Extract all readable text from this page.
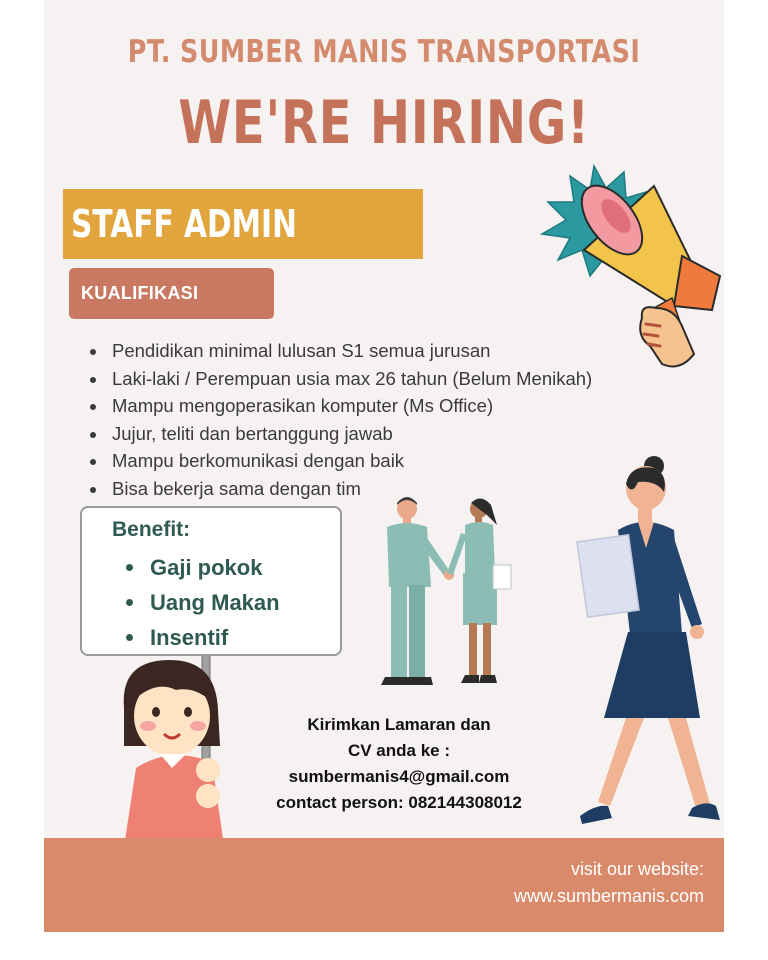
PT. SUMBER MANIS TRANSPORTASI
WE'RE HIRING!
STAFF ADMIN
KUALIFIKASI
Pendidikan minimal lulusan S1 semua jurusan
Laki-laki / Perempuan usia max 26 tahun (Belum Menikah)
Mampu mengoperasikan komputer (Ms Office)
Jujur, teliti dan bertanggung jawab
Mampu berkomunikasi dengan baik
Bisa bekerja sama dengan tim
Benefit:
Gaji pokok
Uang Makan
Insentif
Kirimkan Lamaran dan
CV anda ke :
sumbermanis4@gmail.com
contact person: 082144308012
visit our website:
www.sumbermanis.com
